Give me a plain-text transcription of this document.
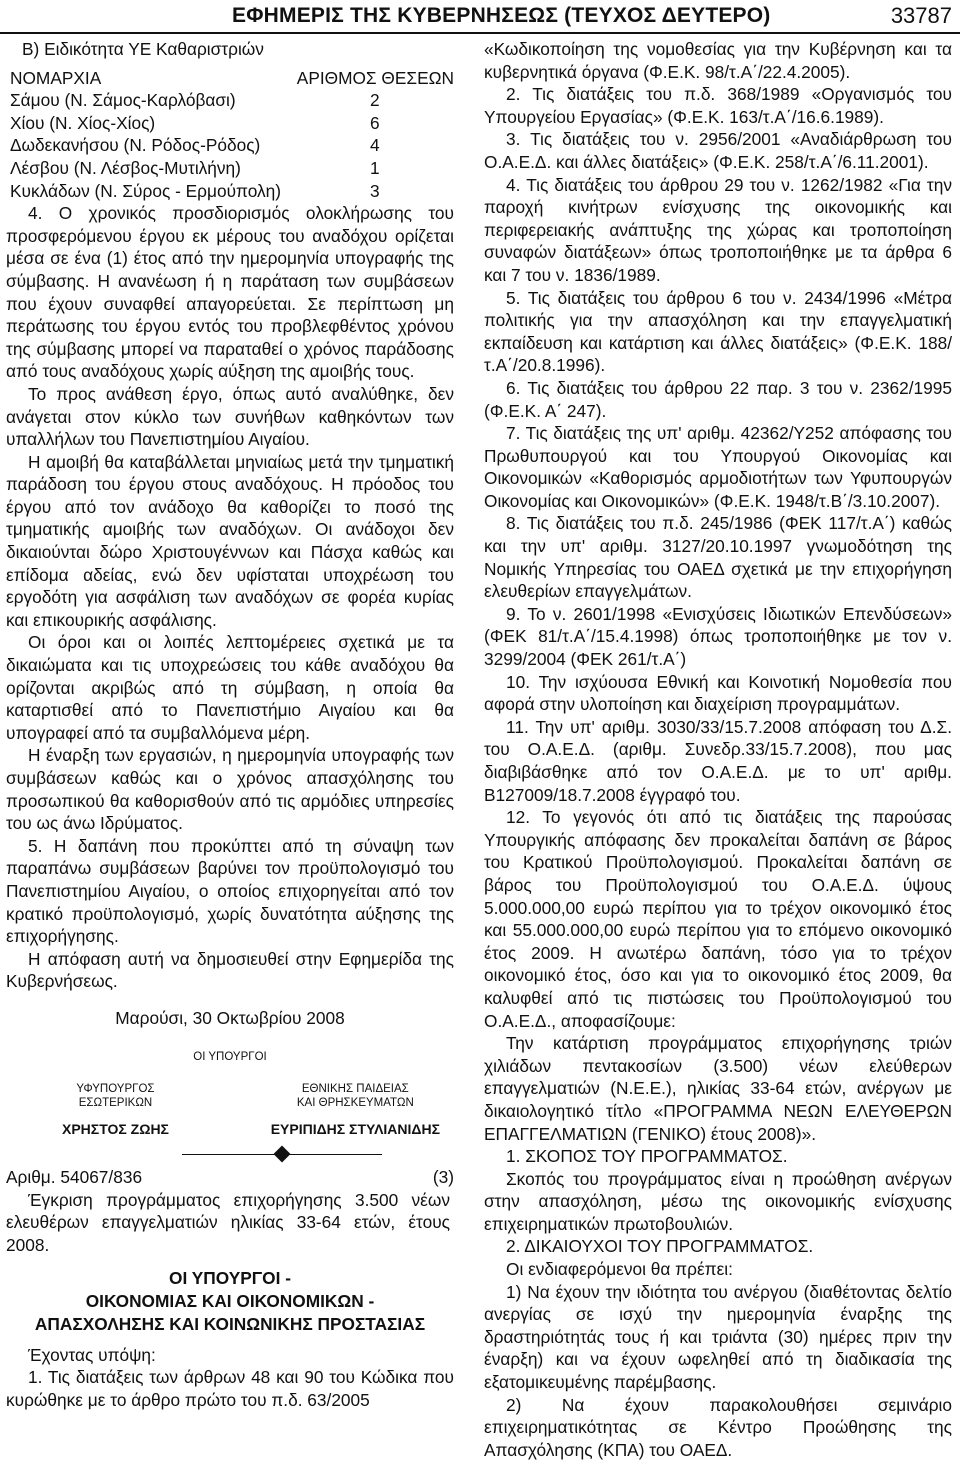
ΕΦΗΜΕΡΙΣ ΤΗΣ ΚΥΒΕΡΝΗΣΕΩΣ (ΤΕΥΧΟΣ ΔΕΥΤΕΡΟ)	33787

Β) Ειδικότητα ΥΕ Καθαριστριών

ΝΟΜΑΡΧΙΑ	ΑΡΙΘΜΟΣ ΘΕΣΕΩΝ
Σάμου (Ν. Σάμος-Καρλόβασι)	2
Χίου (Ν. Χίος-Χίος)	6
Δωδεκανήσου (Ν. Ρόδος-Ρόδος)	4
Λέσβου (Ν. Λέσβος-Μυτιλήνη)	1
Κυκλάδων (Ν. Σύρος - Ερμούπολη)	3

4. Ο χρονικός προσδιορισμός ολοκλήρωσης του προσφερόμενου έργου εκ μέρους του αναδόχου ορίζεται μέσα σε ένα (1) έτος από την ημερομηνία υπογραφής της σύμβασης. Η ανανέωση ή η παράταση των συμβάσεων που έχουν συναφθεί απαγορεύεται. Σε περίπτωση μη περάτωσης του έργου εντός του προβλεφθέντος χρόνου της σύμβασης μπορεί να παραταθεί ο χρόνος παράδοσης από τους αναδόχους χωρίς αύξηση της αμοιβής τους.

Το προς ανάθεση έργο, όπως αυτό αναλύθηκε, δεν ανάγεται στον κύκλο των συνήθων καθηκόντων των υπαλλήλων του Πανεπιστημίου Αιγαίου.

Η αμοιβή θα καταβάλλεται μηνιαίως μετά την τμηματική παράδοση του έργου στους αναδόχους. Η πρόοδος του έργου από τον ανάδοχο θα καθορίζει το ποσό της τμηματικής αμοιβής των αναδόχων. Οι ανάδοχοι δεν δικαιούνται δώρο Χριστουγέννων και Πάσχα καθώς και επίδομα αδείας, ενώ δεν υφίσταται υποχρέωση του εργοδότη για ασφάλιση των αναδόχων σε φορέα κυρίας και επικουρικής ασφάλισης.

Οι όροι και οι λοιπές λεπτομέρειες σχετικά με τα δικαιώματα και τις υποχρεώσεις του κάθε αναδόχου θα ορίζονται ακριβώς από τη σύμβαση, η οποία θα καταρτισθεί από το Πανεπιστήμιο Αιγαίου και θα υπογραφεί από τα συμβαλλόμενα μέρη.

Η έναρξη των εργασιών, η ημερομηνία υπογραφής των συμβάσεων καθώς και ο χρόνος απασχόλησης του προσωπικού θα καθορισθούν από τις αρμόδιες υπηρεσίες του ως άνω Ιδρύματος.

5. Η δαπάνη που προκύπτει από τη σύναψη των παραπάνω συμβάσεων βαρύνει τον προϋπολογισμό του Πανεπιστημίου Αιγαίου, ο οποίος επιχορηγείται από τον κρατικό προϋπολογισμό, χωρίς δυνατότητα αύξησης της επιχορήγησης.

Η απόφαση αυτή να δημοσιευθεί στην Εφημερίδα της Κυβερνήσεως.

Μαρούσι, 30 Οκτωβρίου 2008
ΟΙ ΥΠΟΥΡΓΟΙ
ΥΦΥΠΟΥΡΓΟΣ
ΕΣΩΤΕΡΙΚΩΝ
ΧΡΗΣΤΟΣ ΖΩΗΣ
ΕΘΝΙΚΗΣ ΠΑΙΔΕΙΑΣ
ΚΑΙ ΘΡΗΣΚΕΥΜΑΤΩΝ
ΕΥΡΙΠΙΔΗΣ ΣΤΥΛΙΑΝΙΔΗΣ
Αριθμ. 54067/836	(3)

Έγκριση προγράμματος επιχορήγησης 3.500 νέων ελευθέρων επαγγελματιών ηλικίας 33-64 ετών, έτους 2008.

ΟΙ ΥΠΟΥΡΓΟΙ -
ΟΙΚΟΝΟΜΙΑΣ ΚΑΙ ΟΙΚΟΝΟΜΙΚΩΝ -
ΑΠΑΣΧΟΛΗΣΗΣ ΚΑΙ ΚΟΙΝΩΝΙΚΗΣ ΠΡΟΣΤΑΣΙΑΣ

Έχοντας υπόψη:

1. Τις διατάξεις των άρθρων 48 και 90 του Κώδικα που κυρώθηκε με το άρθρο πρώτο του π.δ. 63/2005

«Κωδικοποίηση της νομοθεσίας για την Κυβέρνηση και τα κυβερνητικά όργανα (Φ.Ε.Κ. 98/τ.Α΄/22.4.2005).

2. Τις διατάξεις του π.δ. 368/1989 «Οργανισμός του Υπουργείου Εργασίας» (Φ.Ε.Κ. 163/τ.Α΄/16.6.1989).

3. Τις διατάξεις του ν. 2956/2001 «Αναδιάρθρωση του Ο.Α.Ε.Δ. και άλλες διατάξεις» (Φ.Ε.Κ. 258/τ.Α΄/6.11.2001).

4. Τις διατάξεις του άρθρου 29 του ν. 1262/1982 «Για την παροχή κινήτρων ενίσχυσης της οικονομικής και περιφερειακής ανάπτυξης της χώρας και τροποποίηση συναφών διατάξεων» όπως τροποποιήθηκε με τα άρθρα 6 και 7 του ν. 1836/1989.

5. Τις διατάξεις του άρθρου 6 του ν. 2434/1996 «Μέτρα πολιτικής για την απασχόληση και την επαγγελματική εκπαίδευση και κατάρτιση και άλλες διατάξεις» (Φ.Ε.Κ. 188/τ.Α΄/20.8.1996).

6. Τις διατάξεις του άρθρου 22 παρ. 3 του ν. 2362/1995 (Φ.Ε.Κ. Α΄ 247).

7. Τις διατάξεις της υπ' αριθμ. 42362/Υ252 απόφασης του Πρωθυπουργού και του Υπουργού Οικονομίας και Οικονομικών «Καθορισμός αρμοδιοτήτων των Υφυπουργών Οικονομίας και Οικονομικών» (Φ.Ε.Κ. 1948/τ.Β΄/3.10.2007).

8. Τις διατάξεις του π.δ. 245/1986 (ΦΕΚ 117/τ.Α΄) καθώς και την υπ' αριθμ. 3127/20.10.1997 γνωμοδότηση της Νομικής Υπηρεσίας του ΟΑΕΔ σχετικά με την επιχορήγηση ελευθερίων επαγγελμάτων.

9. Το ν. 2601/1998 «Ενισχύσεις Ιδιωτικών Επενδύσεων» (ΦΕΚ 81/τ.Α΄/15.4.1998) όπως τροποποιήθηκε με τον ν. 3299/2004 (ΦΕΚ 261/τ.Α΄)

10. Την ισχύουσα Εθνική και Κοινοτική Νομοθεσία που αφορά στην υλοποίηση και διαχείριση προγραμμάτων.

11. Την υπ' αριθμ. 3030/33/15.7.2008 απόφαση του Δ.Σ. του Ο.Α.Ε.Δ. (αριθμ. Συνεδρ.33/15.7.2008), που μας διαβιβάσθηκε από τον Ο.Α.Ε.Δ. με το υπ' αριθμ. Β127009/18.7.2008 έγγραφό του.

12. Το γεγονός ότι από τις διατάξεις της παρούσας Υπουργικής απόφασης δεν προκαλείται δαπάνη σε βάρος του Κρατικού Προϋπολογισμού. Προκαλείται δαπάνη σε βάρος του Προϋπολογισμού του Ο.Α.Ε.Δ. ύψους 5.000.000,00 ευρώ περίπου για το τρέχον οικονομικό έτος και 55.000.000,00 ευρώ περίπου για το επόμενο οικονομικό έτος 2009. Η ανωτέρω δαπάνη, τόσο για το τρέχον οικονομικό έτος, όσο και για το οικονομικό έτος 2009, θα καλυφθεί από τις πιστώσεις του Προϋπολογισμού του Ο.Α.Ε.Δ., αποφασίζουμε:

Την κατάρτιση προγράμματος επιχορήγησης τριών χιλιάδων πεντακοσίων (3.500) νέων ελεύθερων επαγγελματιών (Ν.Ε.Ε.), ηλικίας 33-64 ετών, ανέργων με δικαιολογητικό τίτλο «ΠΡΟΓΡΑΜΜΑ ΝΕΩΝ ΕΛΕΥΘΕΡΩΝ ΕΠΑΓΓΕΛΜΑΤΙΩΝ (ΓΕΝΙΚΟ) έτους 2008)».

1. ΣΚΟΠΟΣ ΤΟΥ ΠΡΟΓΡΑΜΜΑΤΟΣ.

Σκοπός του προγράμματος είναι η προώθηση ανέργων στην απασχόληση, μέσω της οικονομικής ενίσχυσης επιχειρηματικών πρωτοβουλιών.

2. ΔΙΚΑΙΟΥΧΟΙ ΤΟΥ ΠΡΟΓΡΑΜΜΑΤΟΣ.

Οι ενδιαφερόμενοι θα πρέπει:

1) Να έχουν την ιδιότητα του ανέργου (διαθέτοντας δελτίο ανεργίας σε ισχύ την ημερομηνία έναρξης της δραστηριότητάς τους ή και τριάντα (30) ημέρες πριν την έναρξη) και να έχουν ωφεληθεί από τη διαδικασία της εξατομικευμένης παρέμβασης.

2) Να έχουν παρακολουθήσει σεμινάριο επιχειρηματικότητας σε Κέντρο Προώθησης της Απασχόλησης (ΚΠΑ) του ΟΑΕΔ.
